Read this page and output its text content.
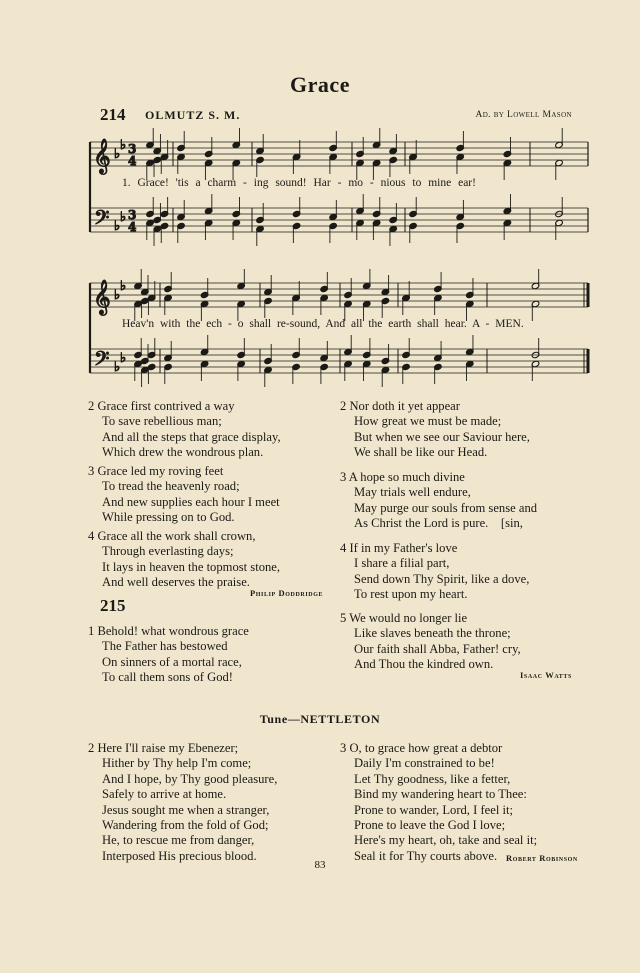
Grace
214 OLMUTZ S. M.	Ad. by Lowell Mason
𝄞
𝄢
♭
♭
♭
♭
3
4
3
4
𝄞
𝄢
♭
♭
♭
♭
1. Grace! 'tis a charm - ing sound! Har - mo - nious to mine ear!
Heav'n with the ech - o shall re-sound, And all the earth shall hear. A - MEN.
2 Grace first contrived a way
To save rebellious man;
And all the steps that grace display,
Which drew the wondrous plan.
3 Grace led my roving feet
To tread the heavenly road;
And new supplies each hour I meet
While pressing on to God.
4 Grace all the work shall crown,
Through everlasting days;
It lays in heaven the topmost stone,
And well deserves the praise.
Philip Doddridge
215
1 Behold! what wondrous grace
The Father has bestowed
On sinners of a mortal race,
To call them sons of God!
2 Nor doth it yet appear
How great we must be made;
But when we see our Saviour here,
We shall be like our Head.
3 A hope so much divine
May trials well endure,
May purge our souls from sense and
As Christ the Lord is pure.    [sin,
4 If in my Father's love
I share a filial part,
Send down Thy Spirit, like a dove,
To rest upon my heart.
5 We would no longer lie
Like slaves beneath the throne;
Our faith shall Abba, Father! cry,
And Thou the kindred own.
Isaac Watts
Tune—NETTLETON
2 Here I'll raise my Ebenezer;
Hither by Thy help I'm come;
And I hope, by Thy good pleasure,
Safely to arrive at home.
Jesus sought me when a stranger,
Wandering from the fold of God;
He, to rescue me from danger,
Interposed His precious blood.
3 O, to grace how great a debtor
Daily I'm constrained to be!
Let Thy goodness, like a fetter,
Bind my wandering heart to Thee:
Prone to wander, Lord, I feel it;
Prone to leave the God I love;
Here's my heart, oh, take and seal it;
Seal it for Thy courts above.	Robert Robinson
83
